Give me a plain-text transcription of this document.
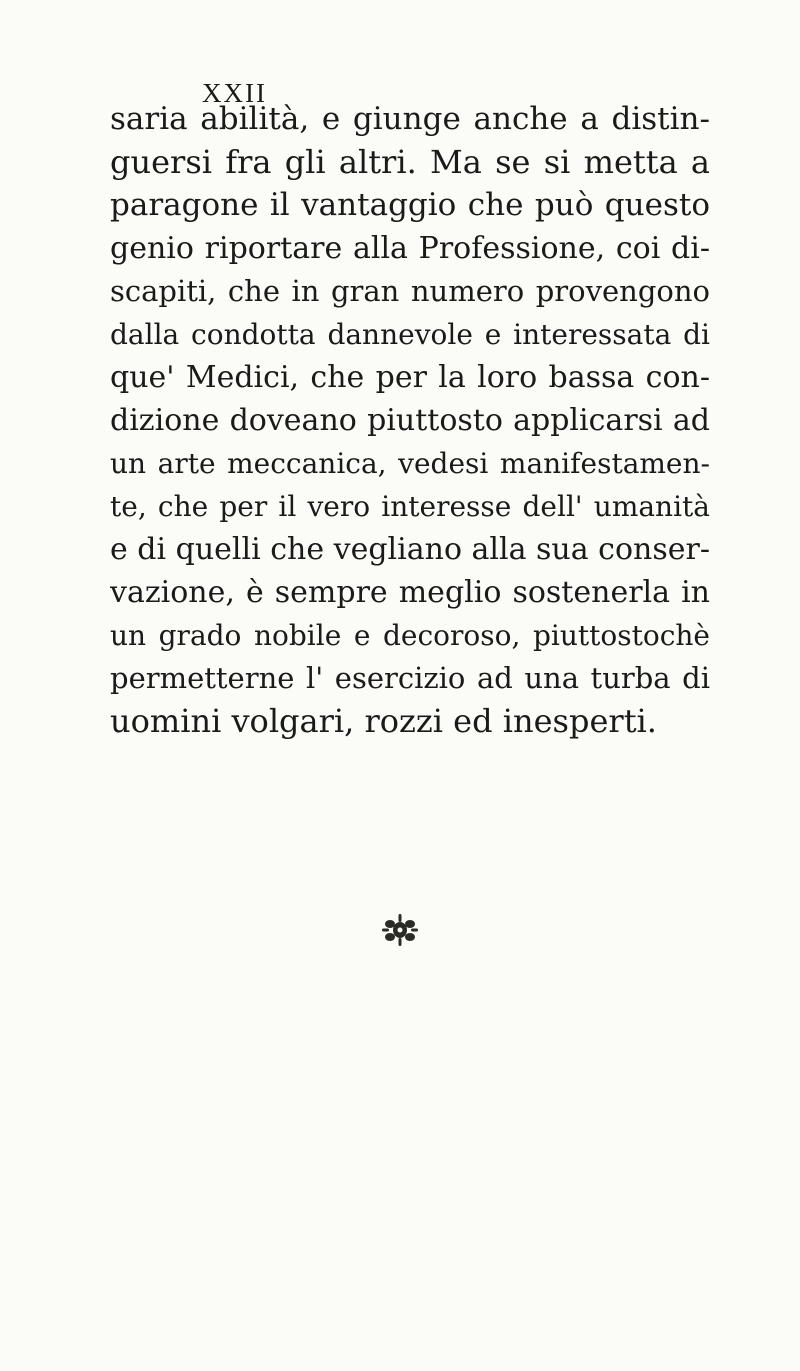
XXII
saria abilità, e giunge anche a distin-
guersi fra gli altri. Ma se si metta a
paragone il vantaggio che può questo
genio riportare alla Professione, coi di-
scapiti, che in gran numero provengono
dalla condotta dannevole e interessata di
que' Medici, che per la loro bassa con-
dizione doveano piuttosto applicarsi ad
un arte meccanica, vedesi manifestamen-
te, che per il vero interesse dell' umanità
e di quelli che vegliano alla sua conser-
vazione, è sempre meglio sostenerla in
un grado nobile e decoroso, piuttostochè
permetterne l' esercizio ad una turba di
uomini volgari, rozzi ed inesperti.
